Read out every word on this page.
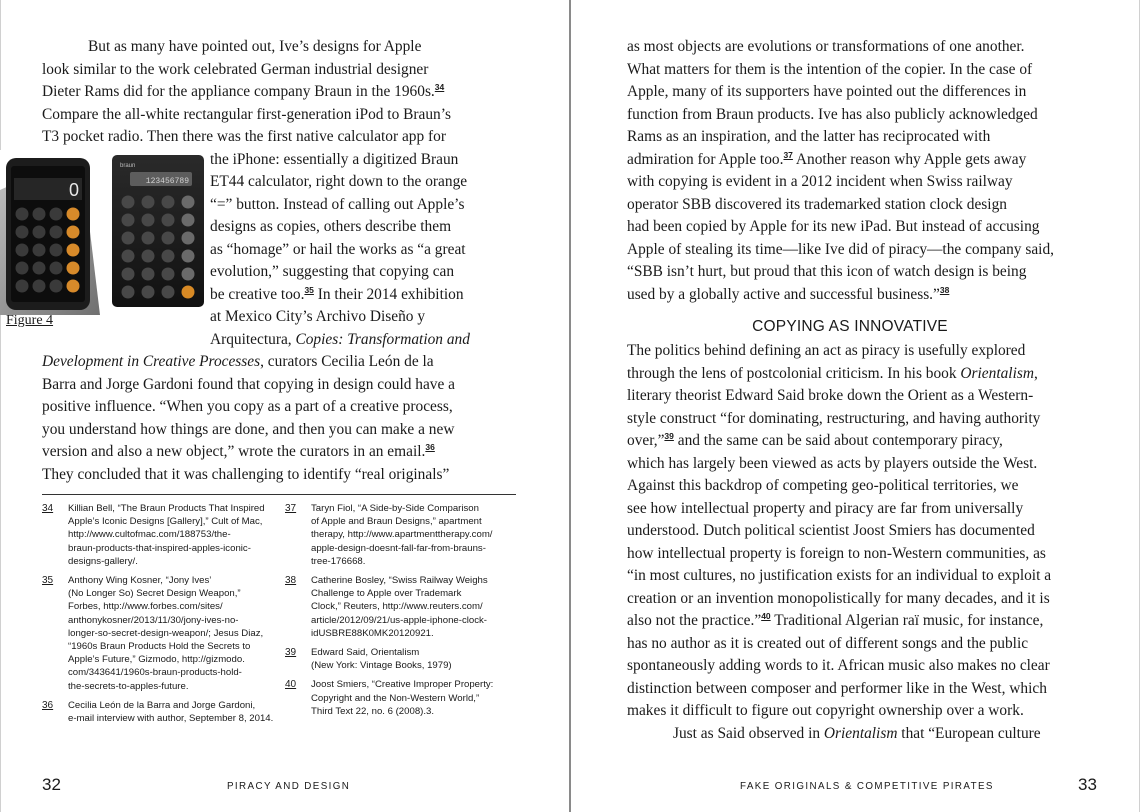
But as many have pointed out, Ive’s designs for Apple
look similar to the work celebrated German industrial designer
Dieter Rams did for the appliance company Braun in the 1960s.$^{34}$
Compare the all-white rectangular first-generation iPod to Braun’s
T3 pocket radio. Then there was the first native calculator app for
the iPhone: essentially a digitized Braun
ET44 calculator, right down to the orange
“=” button. Instead of calling out Apple’s
designs as copies, others describe them
as “homage” or hail the works as “a great
evolution,” suggesting that copying can
be creative too.$^{35}$ In their 2014 exhibition
at Mexico City’s Archivo Diseño y
Arquitectura, Copies: Transformation and
0
braun
123456789
Figure 4
Development in Creative Processes, curators Cecilia León de la
Barra and Jorge Gardoni found that copying in design could have a
positive influence. “When you copy as a part of a creative process,
you understand how things are done, and then you can make a new
version and also a new object,” wrote the curators in an email.$^{36}$
They concluded that it was challenging to identify “real originals”
34 Killian Bell, “The Braun Products That Inspired
Apple’s Iconic Designs [Gallery],” Cult of Mac,
http://www.cultofmac.com/188753/the-
braun-products-that-inspired-apples-iconic-
designs-gallery/.
35 Anthony Wing Kosner, “Jony Ives’
(No Longer So) Secret Design Weapon,”
Forbes, http://www.forbes.com/sites/
anthonykosner/2013/11/30/jony-ives-no-
longer-so-secret-design-weapon/; Jesus Diaz,
“1960s Braun Products Hold the Secrets to
Apple’s Future,” Gizmodo, http://gizmodo.
com/343641/1960s-braun-products-hold-
the-secrets-to-apples-future.
36 Cecilia León de la Barra and Jorge Gardoni,
e-mail interview with author, September 8, 2014.
37 Taryn Fiol, “A Side-by-Side Comparison
of Apple and Braun Designs,” apartment
therapy, http://www.apartmenttherapy.com/
apple-design-doesnt-fall-far-from-brauns-
tree-176668.
38 Catherine Bosley, “Swiss Railway Weighs
Challenge to Apple over Trademark
Clock,” Reuters, http://www.reuters.com/
article/2012/09/21/us-apple-iphone-clock-
idUSBRE88K0MK20120921.
39 Edward Said, Orientalism
(New York: Vintage Books, 1979)
40 Joost Smiers, “Creative Improper Property:
Copyright and the Non-Western World,”
Third Text 22, no. 6 (2008).3.
32	PIRACY AND DESIGN
as most objects are evolutions or transformations of one another.
What matters for them is the intention of the copier. In the case of
Apple, many of its supporters have pointed out the differences in
function from Braun products. Ive has also publicly acknowledged
Rams as an inspiration, and the latter has reciprocated with
admiration for Apple too.$^{37}$ Another reason why Apple gets away
with copying is evident in a 2012 incident when Swiss railway
operator SBB discovered its trademarked station clock design
had been copied by Apple for its new iPad. But instead of accusing
Apple of stealing its time—like Ive did of piracy—the company said,
“SBB isn’t hurt, but proud that this icon of watch design is being
used by a globally active and successful business.”$^{38}$
COPYING AS INNOVATIVE
The politics behind defining an act as piracy is usefully explored
through the lens of postcolonial criticism. In his book Orientalism,
literary theorist Edward Said broke down the Orient as a Western-
style construct “for dominating, restructuring, and having authority
over,”$^{39}$ and the same can be said about contemporary piracy,
which has largely been viewed as acts by players outside the West.
Against this backdrop of competing geo-political territories, we
see how intellectual property and piracy are far from universally
understood. Dutch political scientist Joost Smiers has documented
how intellectual property is foreign to non-Western communities, as
“in most cultures, no justification exists for an individual to exploit a
creation or an invention monopolistically for many decades, and it is
also not the practice.”$^{40}$ Traditional Algerian raï music, for instance,
has no author as it is created out of different songs and the public
spontaneously adding words to it. African music also makes no clear
distinction between composer and performer like in the West, which
makes it difficult to figure out copyright ownership over a work.
Just as Said observed in Orientalism that “European culture
33
FAKE ORIGINALS & COMPETITIVE PIRATES
